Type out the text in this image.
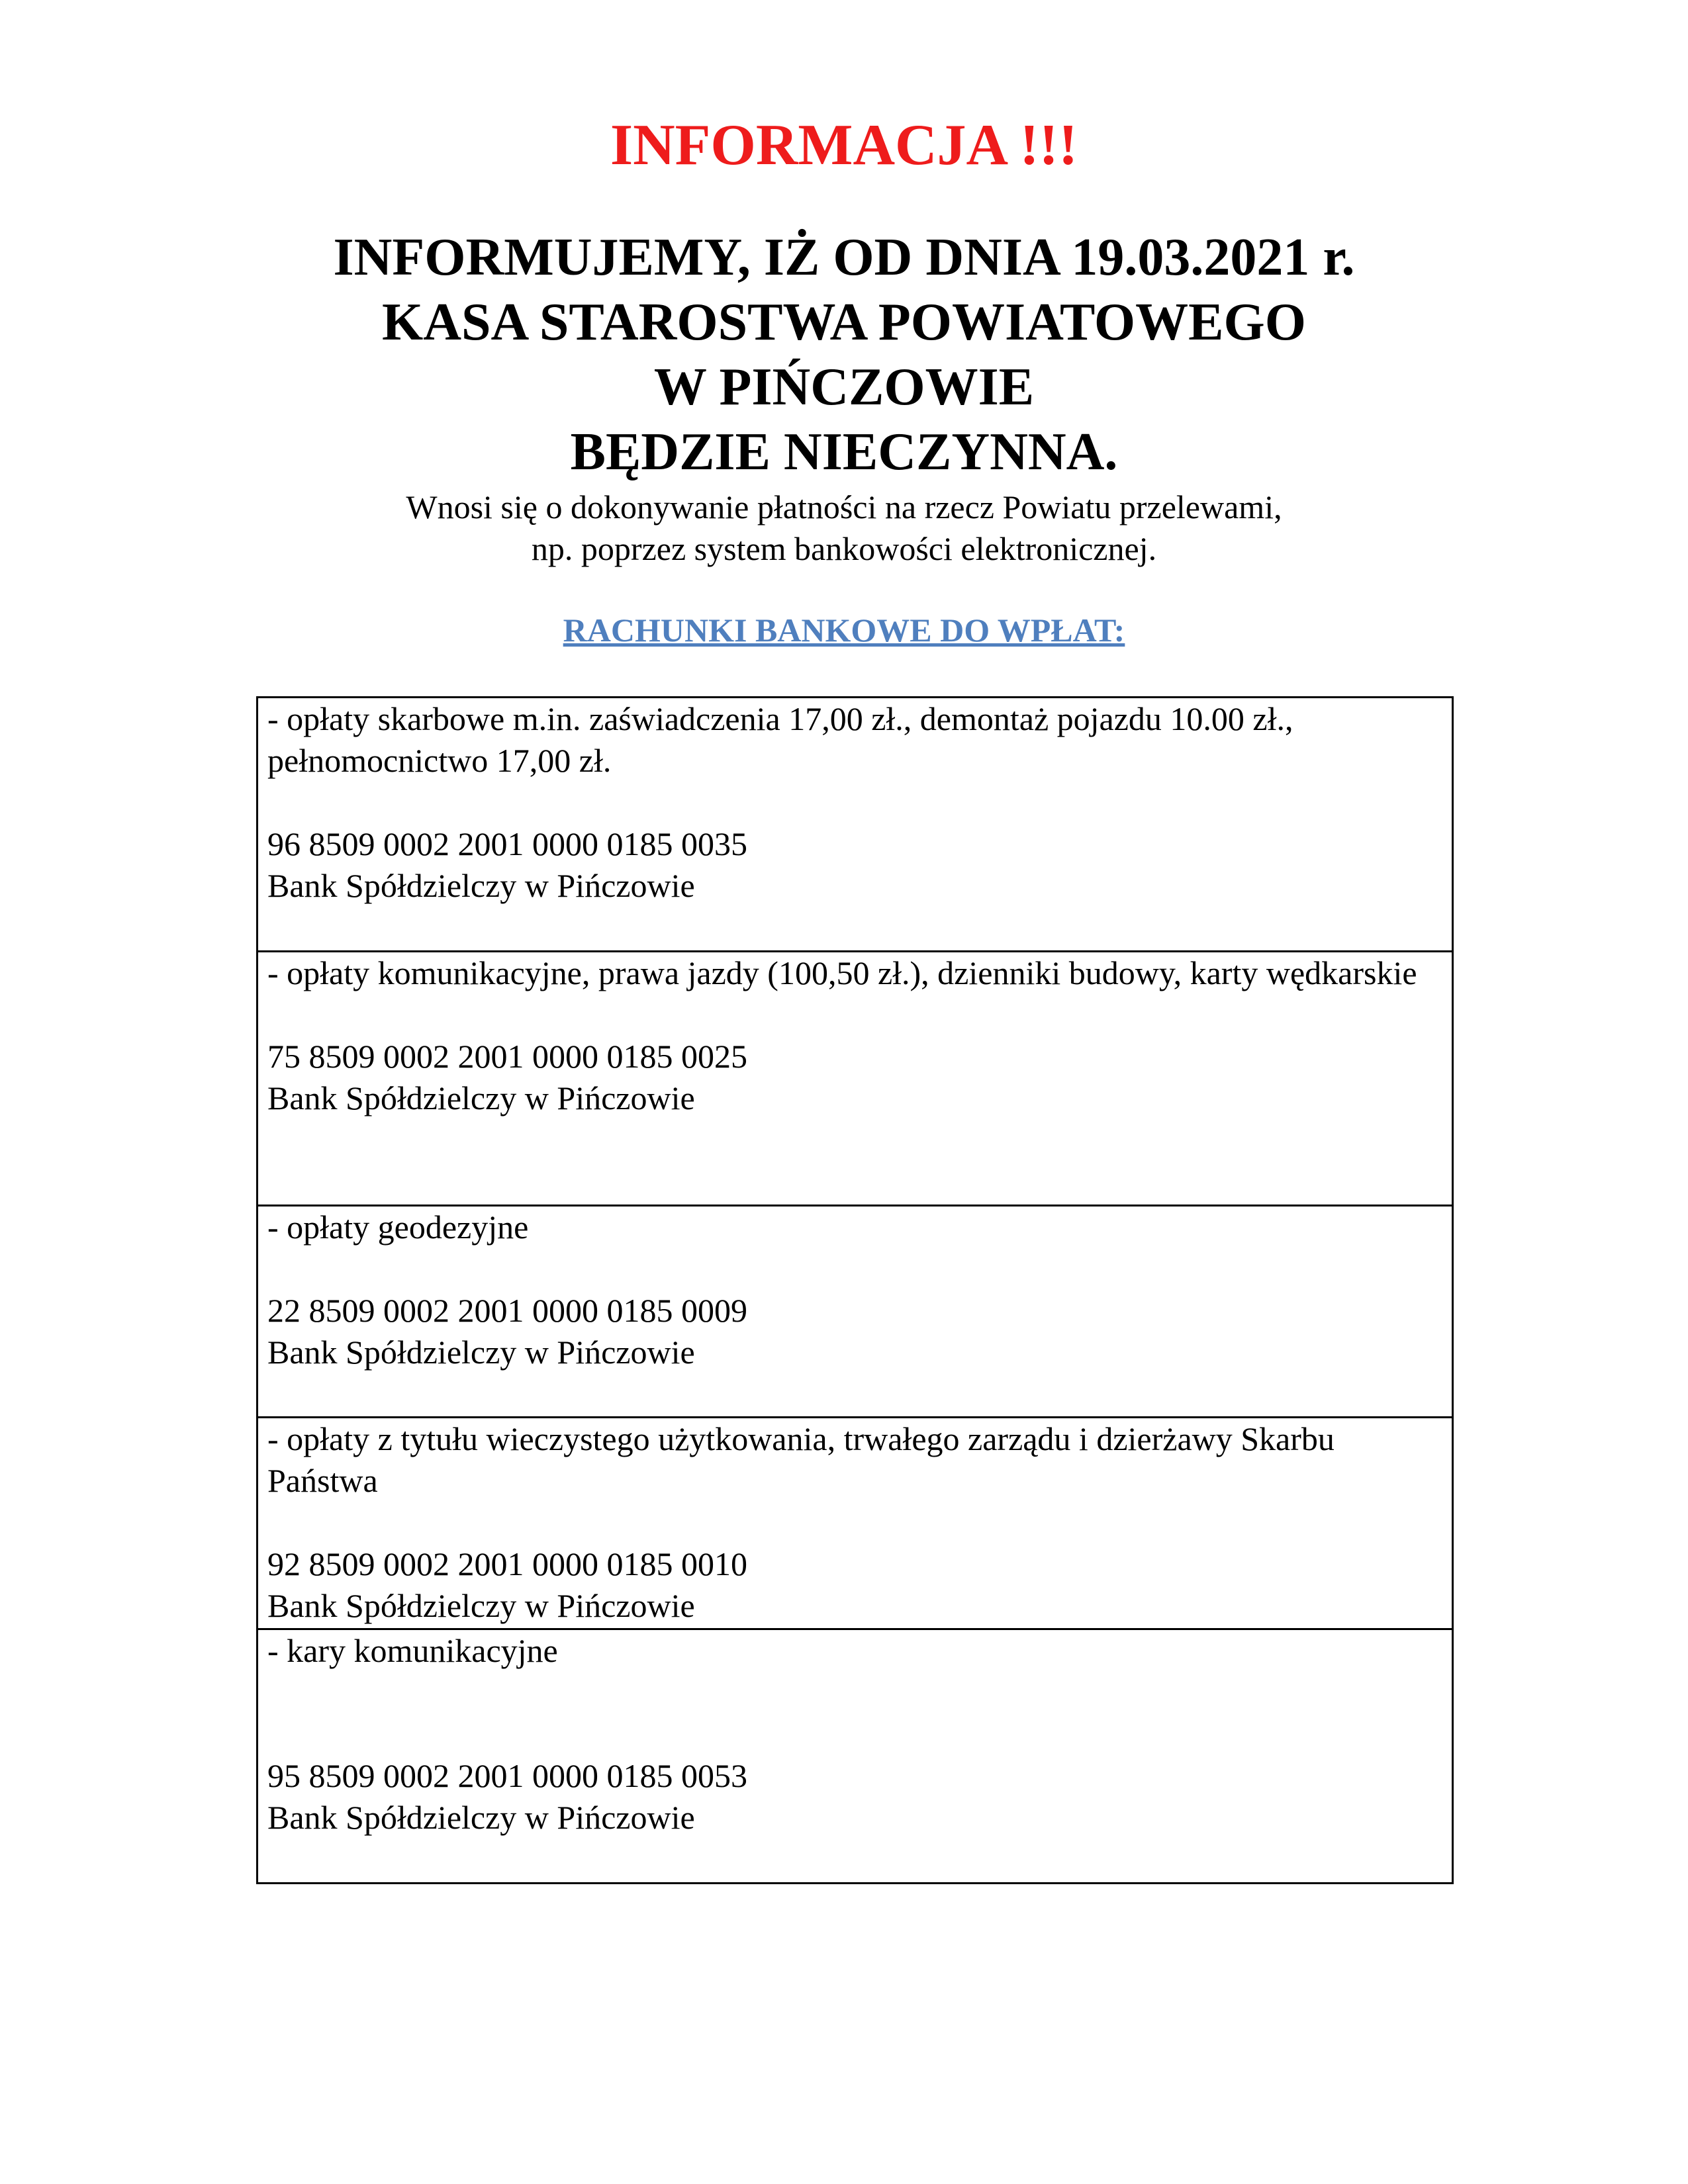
INFORMACJA !!!
INFORMUJEMY, IŻ OD DNIA 19.03.2021 r.
KASA STAROSTWA POWIATOWEGO
W PIŃCZOWIE
BĘDZIE NIECZYNNA.
Wnosi się o dokonywanie płatności na rzecz Powiatu przelewami,
np. poprzez system bankowości elektronicznej.
RACHUNKI BANKOWE DO WPŁAT:
- opłaty skarbowe m.in. zaświadczenia 17,00 zł., demontaż pojazdu 10.00 zł., pełnomocnictwo 17,00 zł.
96 8509 0002 2001 0000 0185 0035
Bank Spółdzielczy w Pińczowie

- opłaty komunikacyjne, prawa jazdy (100,50 zł.), dzienniki budowy, karty wędkarskie
75 8509 0002 2001 0000 0185 0025
Bank Spółdzielczy w Pińczowie

- opłaty geodezyjne
22 8509 0002 2001 0000 0185 0009
Bank Spółdzielczy w Pińczowie

- opłaty z tytułu wieczystego użytkowania, trwałego zarządu i dzierżawy Skarbu Państwa
92 8509 0002 2001 0000 0185 0010
Bank Spółdzielczy w Pińczowie

- kary komunikacyjne
95 8509 0002 2001 0000 0185 0053
Bank Spółdzielczy w Pińczowie
